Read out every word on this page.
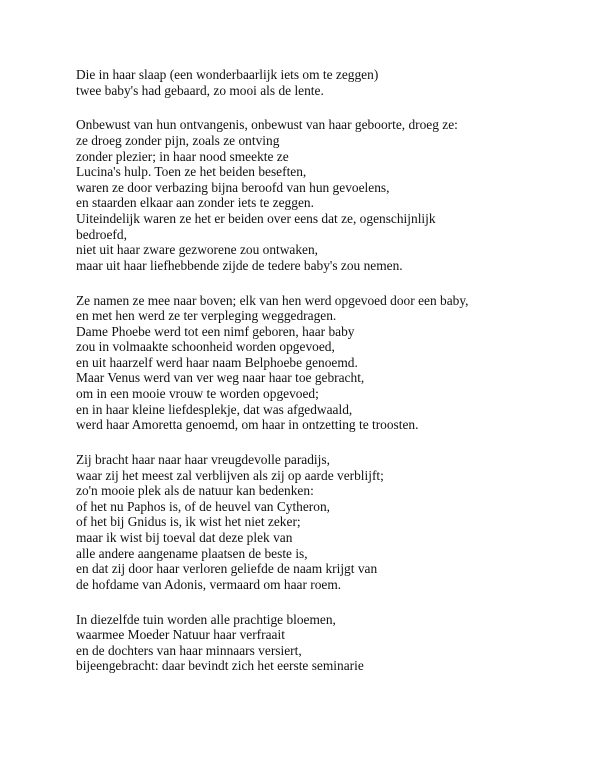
Die in haar slaap (een wonderbaarlijk iets om te zeggen)
twee baby's had gebaard, zo mooi als de lente.
Onbewust van hun ontvangenis, onbewust van haar geboorte, droeg ze:
ze droeg zonder pijn, zoals ze ontving
zonder plezier; in haar nood smeekte ze
Lucina's hulp. Toen ze het beiden beseften,
waren ze door verbazing bijna beroofd van hun gevoelens,
en staarden elkaar aan zonder iets te zeggen.
Uiteindelijk waren ze het er beiden over eens dat ze, ogenschijnlijk
bedroefd,
niet uit haar zware gezworene zou ontwaken,
maar uit haar liefhebbende zijde de tedere baby's zou nemen.
Ze namen ze mee naar boven; elk van hen werd opgevoed door een baby,
en met hen werd ze ter verpleging weggedragen.
Dame Phoebe werd tot een nimf geboren, haar baby
zou in volmaakte schoonheid worden opgevoed,
en uit haarzelf werd haar naam Belphoebe genoemd.
Maar Venus werd van ver weg naar haar toe gebracht,
om in een mooie vrouw te worden opgevoed;
en in haar kleine liefdesplekje, dat was afgedwaald,
werd haar Amoretta genoemd, om haar in ontzetting te troosten.
Zij bracht haar naar haar vreugdevolle paradijs,
waar zij het meest zal verblijven als zij op aarde verblijft;
zo'n mooie plek als de natuur kan bedenken:
of het nu Paphos is, of de heuvel van Cytheron,
of het bij Gnidus is, ik wist het niet zeker;
maar ik wist bij toeval dat deze plek van
alle andere aangename plaatsen de beste is,
en dat zij door haar verloren geliefde de naam krijgt van
de hofdame van Adonis, vermaard om haar roem.
In diezelfde tuin worden alle prachtige bloemen,
waarmee Moeder Natuur haar verfraait
en de dochters van haar minnaars versiert,
bijeengebracht: daar bevindt zich het eerste seminarie
